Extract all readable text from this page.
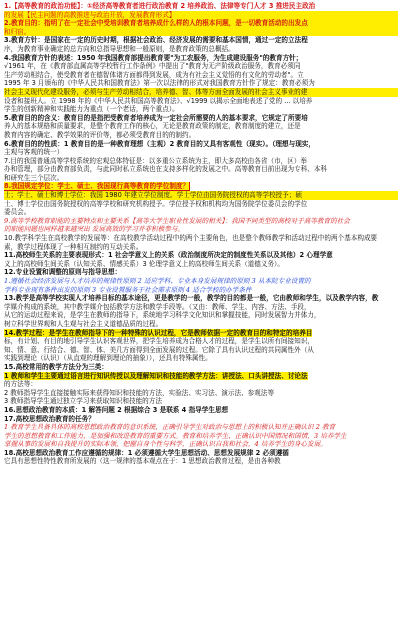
1.【高等教育的政治功能】：①经济高等教育者进行政治教育 2 培养政治、法律等专门人才 3 推进民主政治

的发展【民主问题的高教推进与政治开放，发展教育形式】

2.教育目的：指明了在一定社会中受培训教育者培养成什么样的人的根本问题，是一切教育活动的出发点

和归宿。

3.教育方针：是国家在一定的历史时期，根据社会政治、经济发展的需要和基本国情，通过一定的立法程

序，为教育事业确定的总方向和总指导思想和一般原则，是教育政策的总概括。

4.我国教育方针的表述：1950 年我国教育部提出教育要"为工农服务，为生成建设服务"的教育方针；

√1961 年，在《教育部直属高等学校暂行工作条例》中提出了"教育为无产阶级政治服务，教育必须同

生产劳动相结合，使受教育者在德智体诸方面都得到发展，成为有社会主义觉悟的有文化的劳动者"。立

1995 年 3 月颁布的《中华人民共和国教育法》第一次以法律的形式对我国教育方针作了规定：教育必须为

社会主义现代化建设服务，必须与生产劳动相结合，培养德、智、体等方面全面发展的社会主义事业的建

设者和接班人。立 1998 年的《中华人民共和国高等教育法》、√1999 以揭示全面地表述了党的 ... 以培养

学生的创新精神和实践能力为重点（一个老话，两个重点）。

5.教育目的的含义：教育目的是指把受教育者培养成为一定社会所需要的人的基本要求，它规定了所要培

养人的基本规格和质量要求，是整个教育工作的核心，无论是教育政策的制定，教育制度的建立，还是

教育内容的确定、教学效果的评价等，都必须受教育目的的制约。

6.教育目的的性质：1 教育目的是一种教育理想（主观）2 教育目的又具有客观性（现实）。（理想与现实，

主观与客观的统一）

7.目的我国普通高等学校系统的宏观总体特征是：以多重公立系统为主，即大多高校由各省（市，区）举

办和管理，部分由教育部负责，与此同时私立系统也在支持多样化的发展之中。高等教育目前出现为专科、本科

和研究生三个层次。

8.我国规定学位：学士、硕士、我国现行高等教育的学位制度？

士；学士、硕士和博士学位：我国 1980 年建立学位制度。学士学位由国务院授权的高等学校授予；硕

士、博士学位由国务院授权的高等学校和研究机构授予。学位授予权和机构均为国务院学位委员会的学位

委员会。

9.高等学校教育职能的主要特点和主要关系【高等大学生职业性发展的相关】：我国不同类型的高校对于高等教育的社会

的职能问题也同样越来越突出 发展高效的学习并非积极参与。

10.教学科学生在高校教学的发展等：在高校教学活动过程中的两个主要角色，也是整个教师教学和活动过程中的两个基本构成要

素，教学过程体现了一种相互制约的互动关系。

11.高校师生关系的主要表现形式：1 社会学意义上的关系（政治制度所决定的制度性关系以及其他）2 心理学意

义上的高校师生间关系（认知关系、情感关系）3 伦理学意义上的高校师生间关系（道德义务）。

12.专业设置和调整的原则与指导思想：

1.遵循社会经济发展与人才培养的规律性原则 2 适应学科、专业本身发展规律的原则 3 从本院专业设置的

学科专业现有条件出发的原则 3 专业设置服务于社会需求原则 4 适合学校的办学条件

13.教学是高等学校实现人才培养目标的基本途径，更是教学的一般，教学的目的都是一般，它由教师和学生，以及教学内容，教

学媒介构成的系统，其中教学媒介包括教学方法和教学手段等。（又由：教师、学生、内容、方法、手段，

从它的运动过程来说，是学生在教师的指导下，系统地学习科学文化知识和掌握技能，同时发展智力并体力，

树立科学世界观和人生观与社会主义道德品质的过程。

14.教学过程：是学生在教师指导下的一种特殊的认识过程，它是教师依据一定的教育目的和特定的培养目

标，有计划、有目的地引导学生认识客观世界，把学生培养成为合格人才的过程，是学生以所有间接知识，

知、情、意、行结合、德、智、体、美几方面得到全面发展的过程。它除了具有认识过程的共同属性外（从

实践到理论（认识）（从直观的理解到理论的抽象）），还具有特殊属性。

15.高校常用的教学方法分为三类：

1 教师和学生主要通过语言进行知识传授以及理解知识和技能的教学方法：讲授法、口头讲授法、讨论法

的方法等：

2 教师指导学生直接接触实际来获得知识和技能的方法，实验法、实习法、演示法、参观法等

3 教师指导学生通过独立学习来获取知识和技能的方法

16.思想政治教育的本质：1 解答问题 2 根据综合 3 是联系 4 指导学生思想

17.高校思想政治教育的任务？

1 教育学生具备具体的高校思想政治教育的意识系统，正确引导学生对政治与思想上的积极认知并正确认识 2 教育

学生的思想教育和工作能力，是加强和改进教育的重要方式。教育和培养学生、正确认识中国情况和国情，3 培养学生

掌握从事的发展和自我提升的实际本领，把握自身个性与科学，正确认识自我和社会，4 培养学生的身心发展。

18.高校思想政治教育工作应遵循的规律：1 必须遵循大学生思想活动、思想发展规律 2 必须遵循

它具有思想性特性教育所发展的（这一规律的基本观点在于：1 思想政治教育过程，是由各种教
